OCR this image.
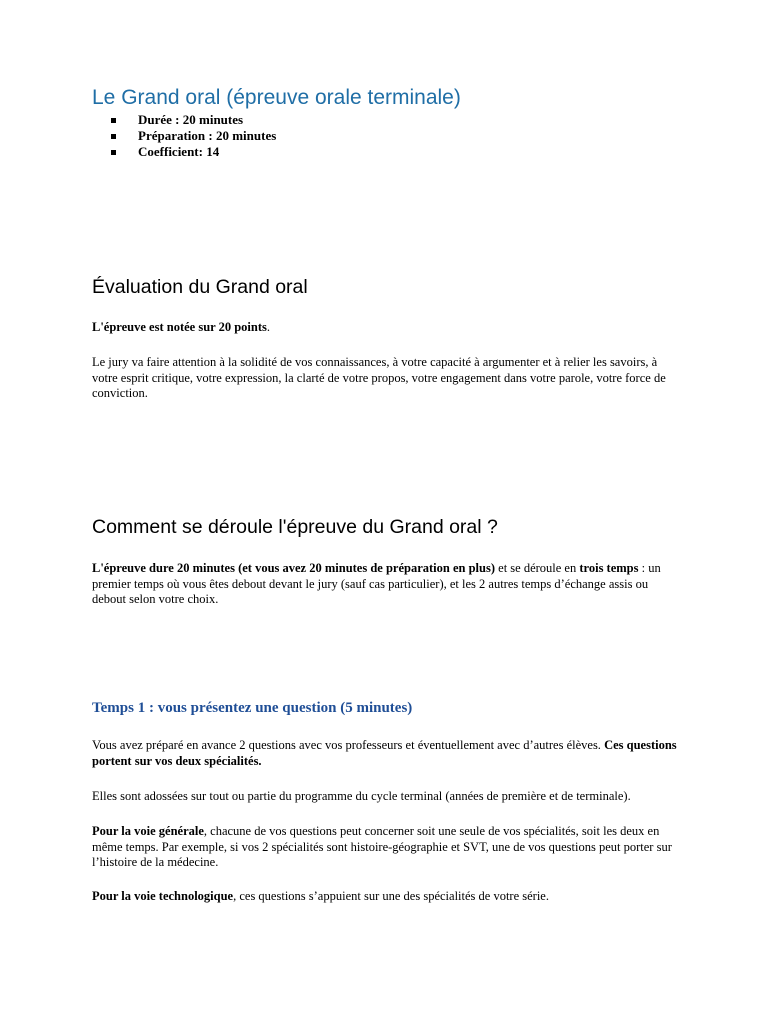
Le Grand oral (épreuve orale terminale)
Durée : 20 minutes
Préparation : 20 minutes
Coefficient: 14
Évaluation du Grand oral

L'épreuve est notée sur 20 points.

Le jury va faire attention à la solidité de vos connaissances, à votre capacité à argumenter et à relier les savoirs, à votre esprit critique, votre expression, la clarté de votre propos, votre engagement dans votre parole, votre force de conviction.

Comment se déroule l'épreuve du Grand oral ?

L'épreuve dure 20 minutes (et vous avez 20 minutes de préparation en plus) et se déroule en trois temps : un premier temps où vous êtes debout devant le jury (sauf cas particulier), et les 2 autres temps d’échange assis ou debout selon votre choix.

Temps 1 : vous présentez une question (5 minutes)

Vous avez préparé en avance 2 questions avec vos professeurs et éventuellement avec d’autres élèves. Ces questions portent sur vos deux spécialités.

Elles sont adossées sur tout ou partie du programme du cycle terminal (années de première et de terminale).

Pour la voie générale, chacune de vos questions peut concerner soit une seule de vos spécialités, soit les deux en même temps. Par exemple, si vos 2 spécialités sont histoire-géographie et SVT, une de vos questions peut porter sur l’histoire de la médecine.

Pour la voie technologique, ces questions s’appuient sur une des spécialités de votre série.
